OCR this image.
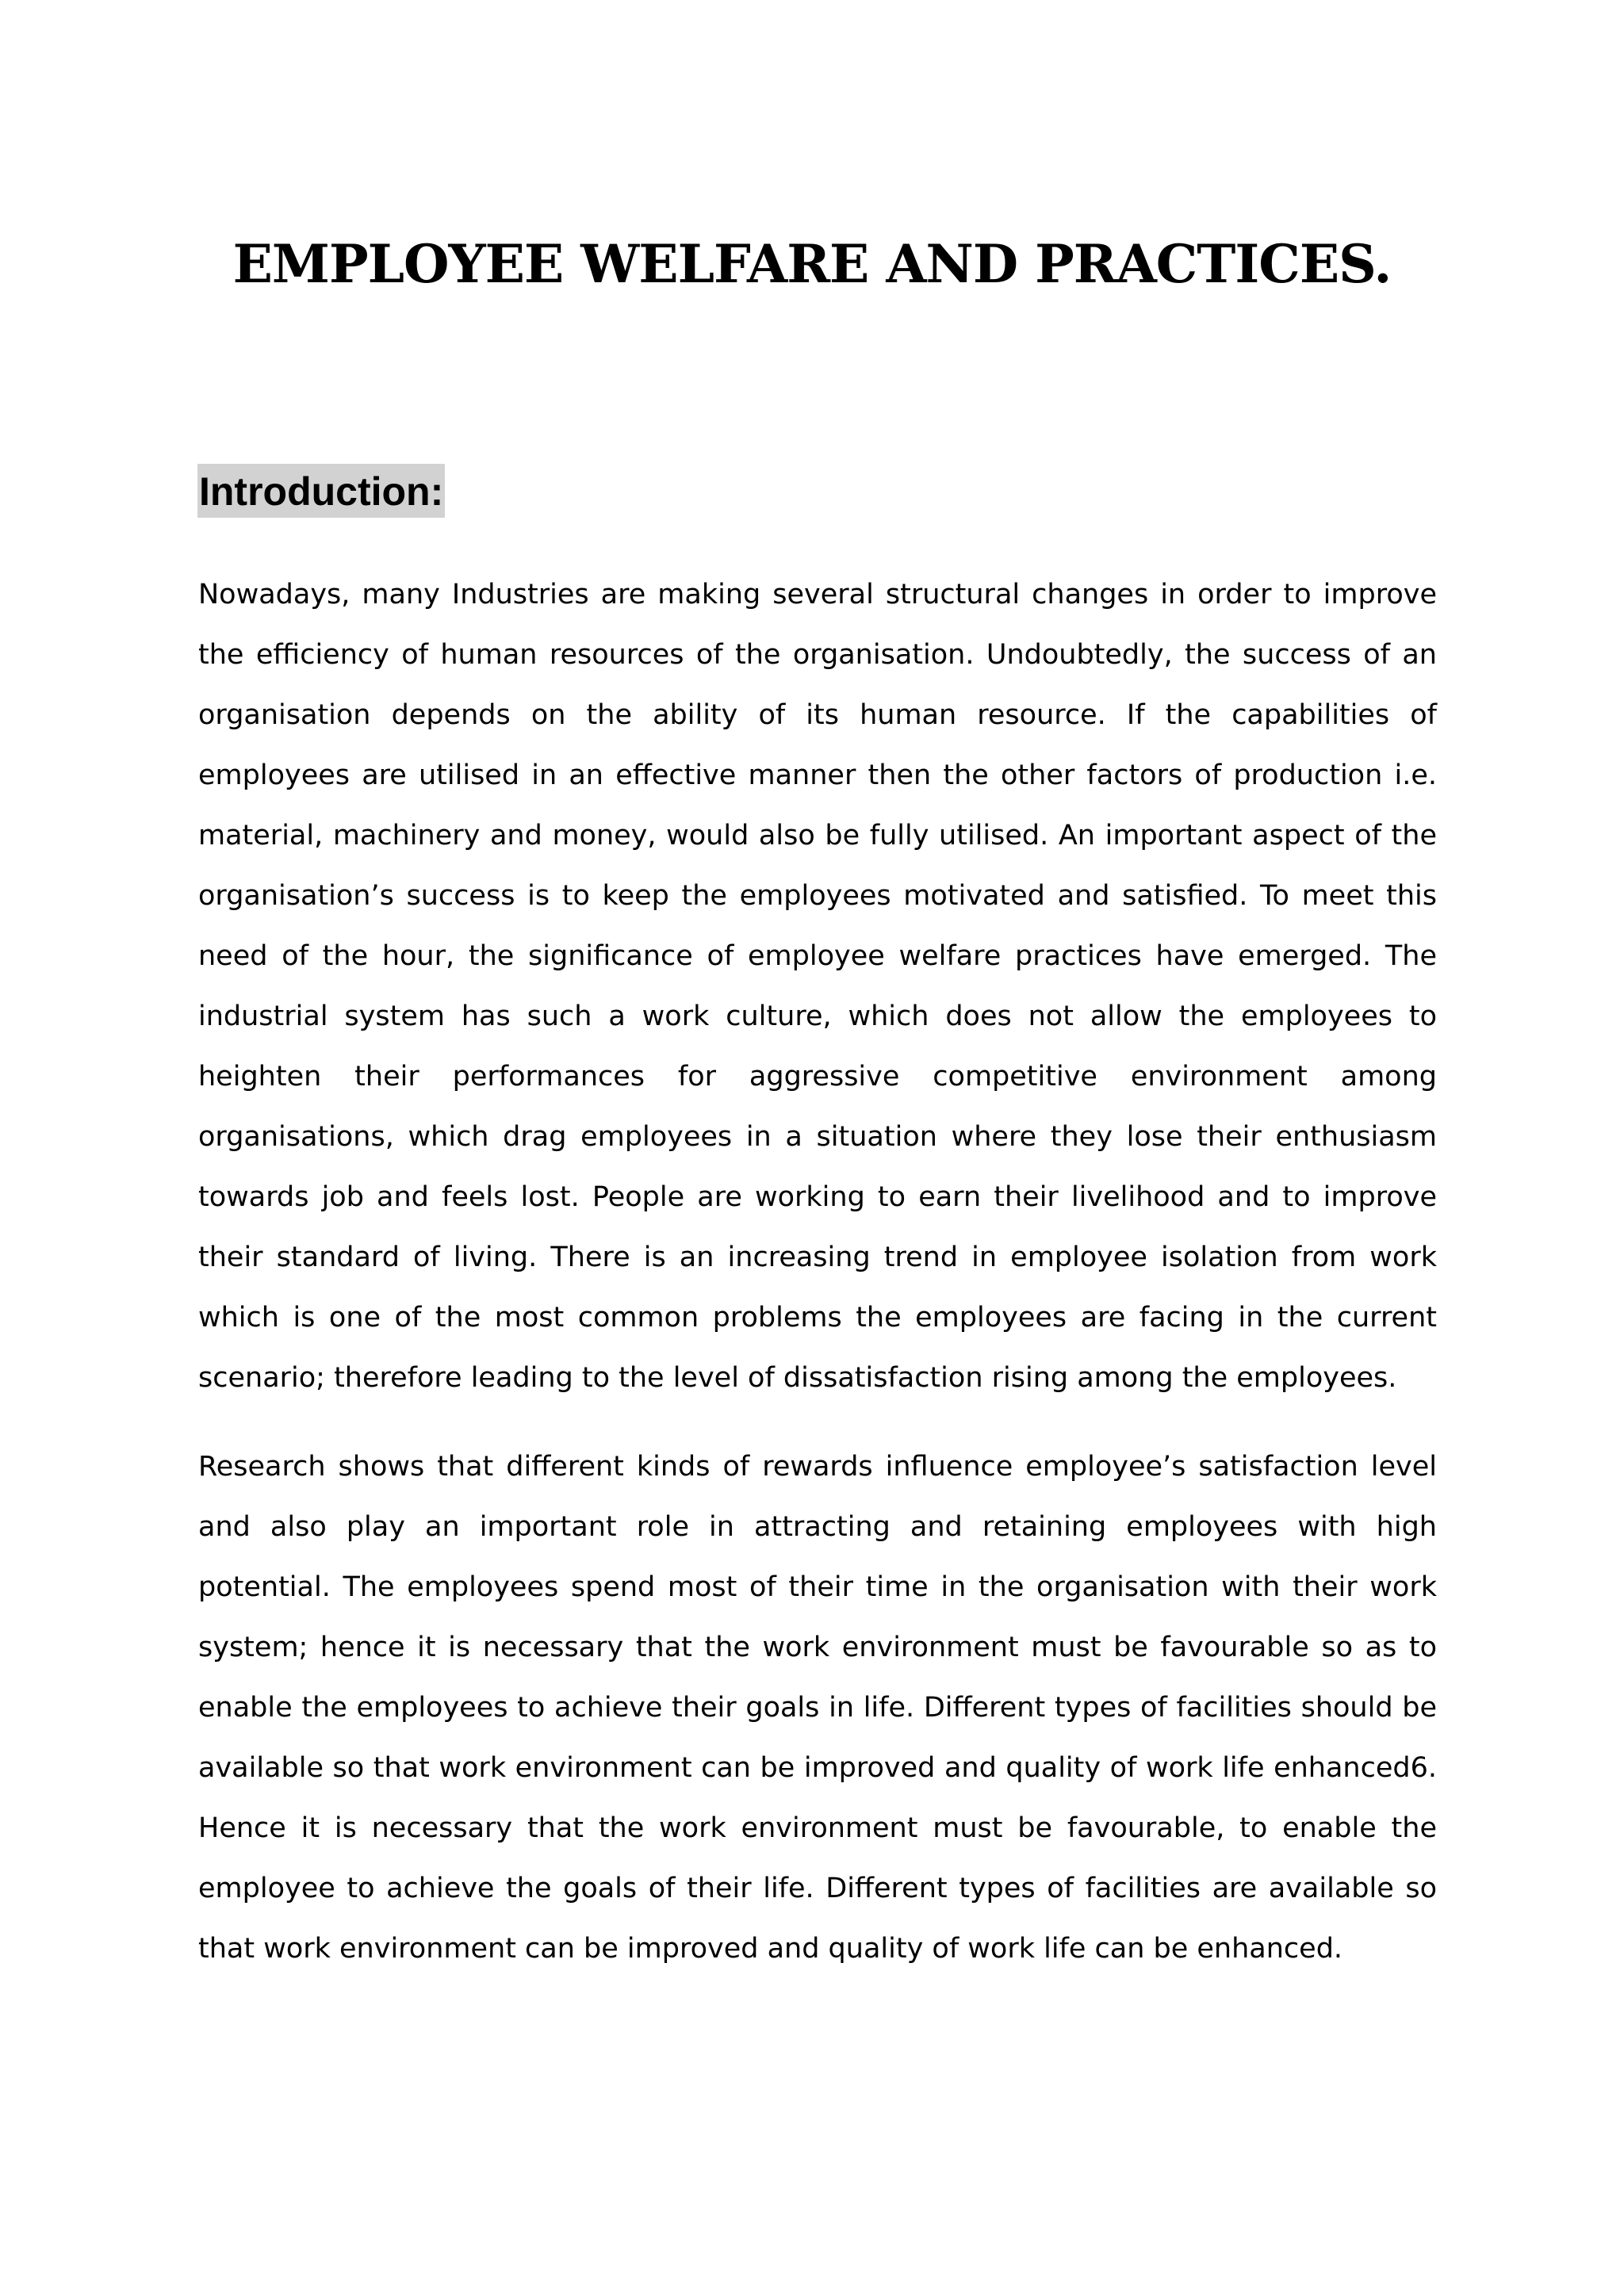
EMPLOYEE WELFARE AND PRACTICES.
Introduction:

Nowadays, many Industries are making several structural changes in order to improve the efficiency of human resources of the organisation. Undoubtedly, the success of an organisation depends on the ability of its human resource. If the capabilities of employees are utilised in an effective manner then the other factors of production i.e. material, machinery and money, would also be fully utilised. An important aspect of the organisation’s success is to keep the employees motivated and satisfied. To meet this need of the hour, the significance of employee welfare practices have emerged. The industrial system has such a work culture, which does not allow the employees to heighten their performances for aggressive competitive environment among organisations, which drag employees in a situation where they lose their enthusiasm towards job and feels lost. People are working to earn their livelihood and to improve their standard of living. There is an increasing trend in employee isolation from work which is one of the most common problems the employees are facing in the current scenario; therefore leading to the level of dissatisfaction rising among the employees.

Research shows that different kinds of rewards influence employee’s satisfaction level and also play an important role in attracting and retaining employees with high potential. The employees spend most of their time in the organisation with their work system; hence it is necessary that the work environment must be favourable so as to enable the employees to achieve their goals in life. Different types of facilities should be available so that work environment can be improved and quality of work life enhanced6. Hence it is necessary that the work environment must be favourable, to enable the employee to achieve the goals of their life. Different types of facilities are available so that work environment can be improved and quality of work life can be enhanced.
